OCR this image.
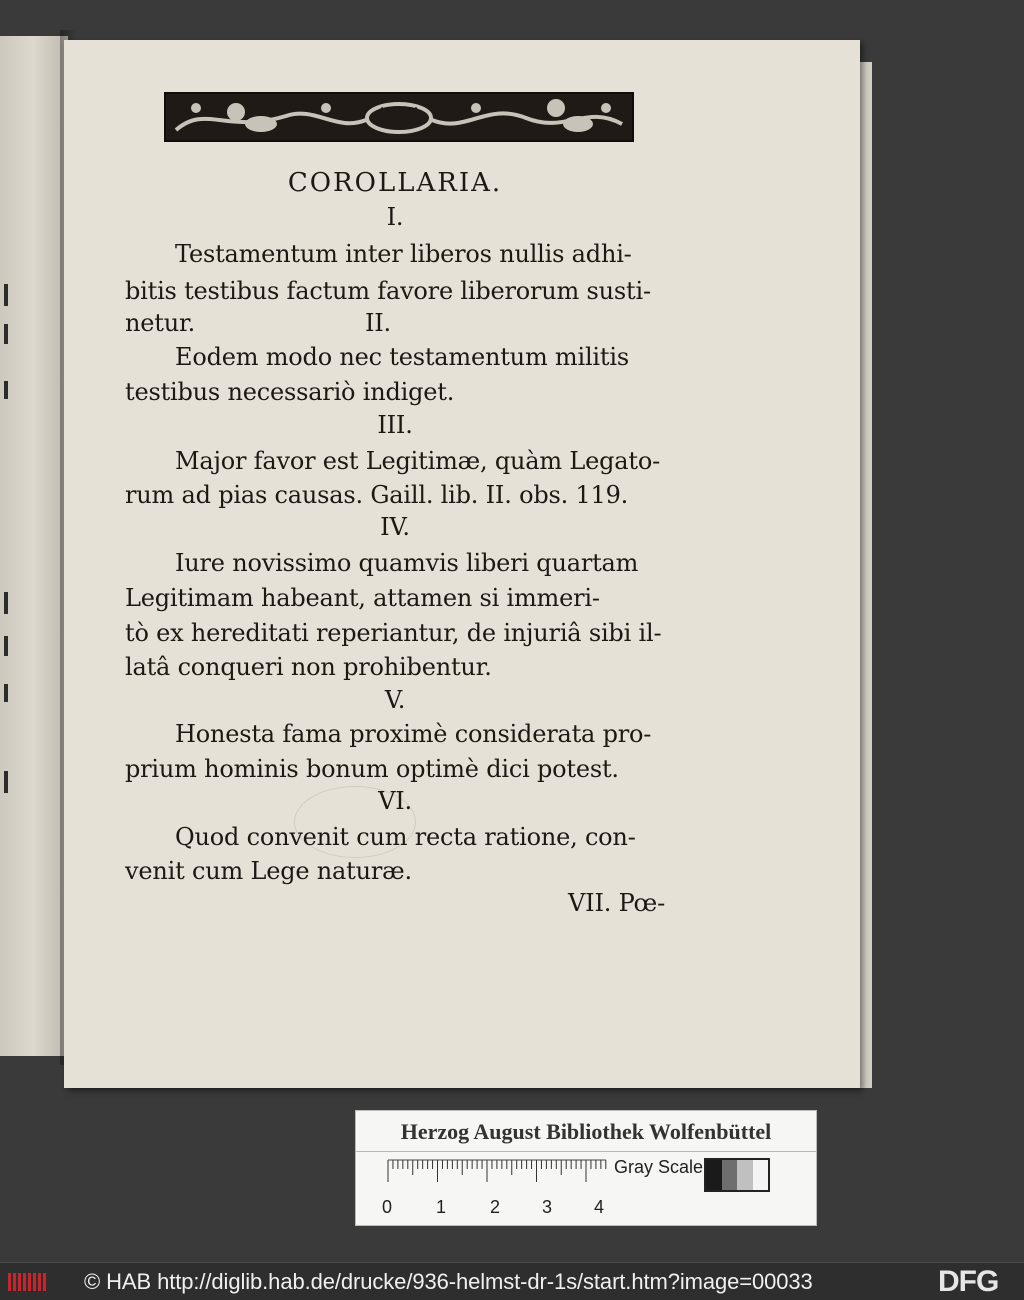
COROLLARIA.
I.
Testamentum inter liberos nullis adhi-
bitis testibus factum favore liberorum susti-
netur.	II.
Eodem modo nec testamentum militis
testibus necessariò indiget.
III.
Major favor est Legitimæ, quàm Legato-
rum ad pias causas. Gaill. lib. II. obs. 119.
IV.
Iure novissimo quamvis liberi quartam
Legitimam habeant, attamen si immeri-
tò ex hereditati reperiantur, de injuriâ sibi il-
latâ conqueri non prohibentur.
V.
Honesta fama proximè considerata pro-
prium hominis bonum optimè dici potest.
VI.
Quod convenit cum recta ratione, con-
venit cum Lege naturæ.
VII. Pœ-
Herzog August Bibliothek Wolfenbüttel
0 1 2 3 4
Gray Scale
© HAB http://diglib.hab.de/drucke/936-helmst-dr-1s/start.htm?image=00033	DFG
